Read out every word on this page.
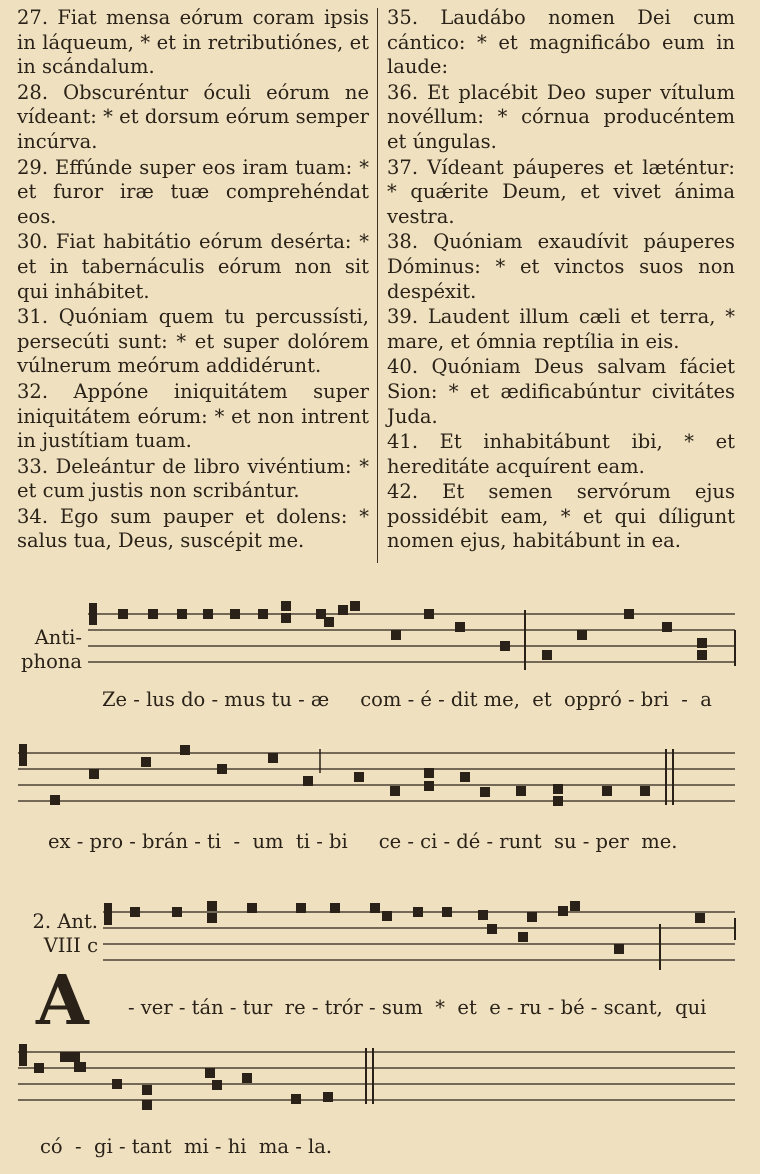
27. Fiat mensa eórum coram ipsis in láqueum, * et in retributiónes, et in scándalum.

28. Obscuréntur óculi eórum ne vídeant: * et dorsum eórum semper incúrva.

29. Effúnde super eos iram tuam: * et furor iræ tuæ comprehéndat eos.

30. Fiat habitátio eórum desérta: * et in tabernáculis eórum non sit qui inhábitet.

31. Quóniam quem tu percussísti, persecúti sunt: * et super dolórem vúlnerum meórum addidérunt.

32. Appóne iniquitátem super iniquitátem eórum: * et non intrent in justítiam tuam.

33. Deleántur de libro vivéntium: * et cum justis non scribántur.

34. Ego sum pauper et dolens: * salus tua, Deus, suscépit me.

35. Laudábo nomen Dei cum cántico: * et magnificábo eum in laude:

36. Et placébit Deo super vítulum novéllum: * córnua producéntem et úngulas.

37. Vídeant páuperes et læténtur: * quǽrite Deum, et vivet ánima vestra.

38. Quóniam exaudívit páuperes Dóminus: * et vinctos suos non despéxit.

39. Laudent illum cæli et terra, * mare, et ómnia reptília in eis.

40. Quóniam Deus salvam fáciet Sion: * et ædificabúntur civitátes Juda.

41. Et inhabitábunt ibi, * et hereditáte acquírent eam.

42. Et semen servórum ejus possidébit eam, * et qui díligunt nomen ejus, habitábunt in ea.

Anti-
phona
Ze - lus do - mus tu - æ     com - é - dit me,  et  oppró - bri  -  a
ex - pro - brán - ti  -  um  ti - bi     ce - ci - dé - runt  su - per  me.
2. Ant.
VIII c
A - ver - tán - tur  re - trór - sum  *  et  e - ru - bé - scant,  qui
có  -  gi - tant  mi - hi  ma - la.
